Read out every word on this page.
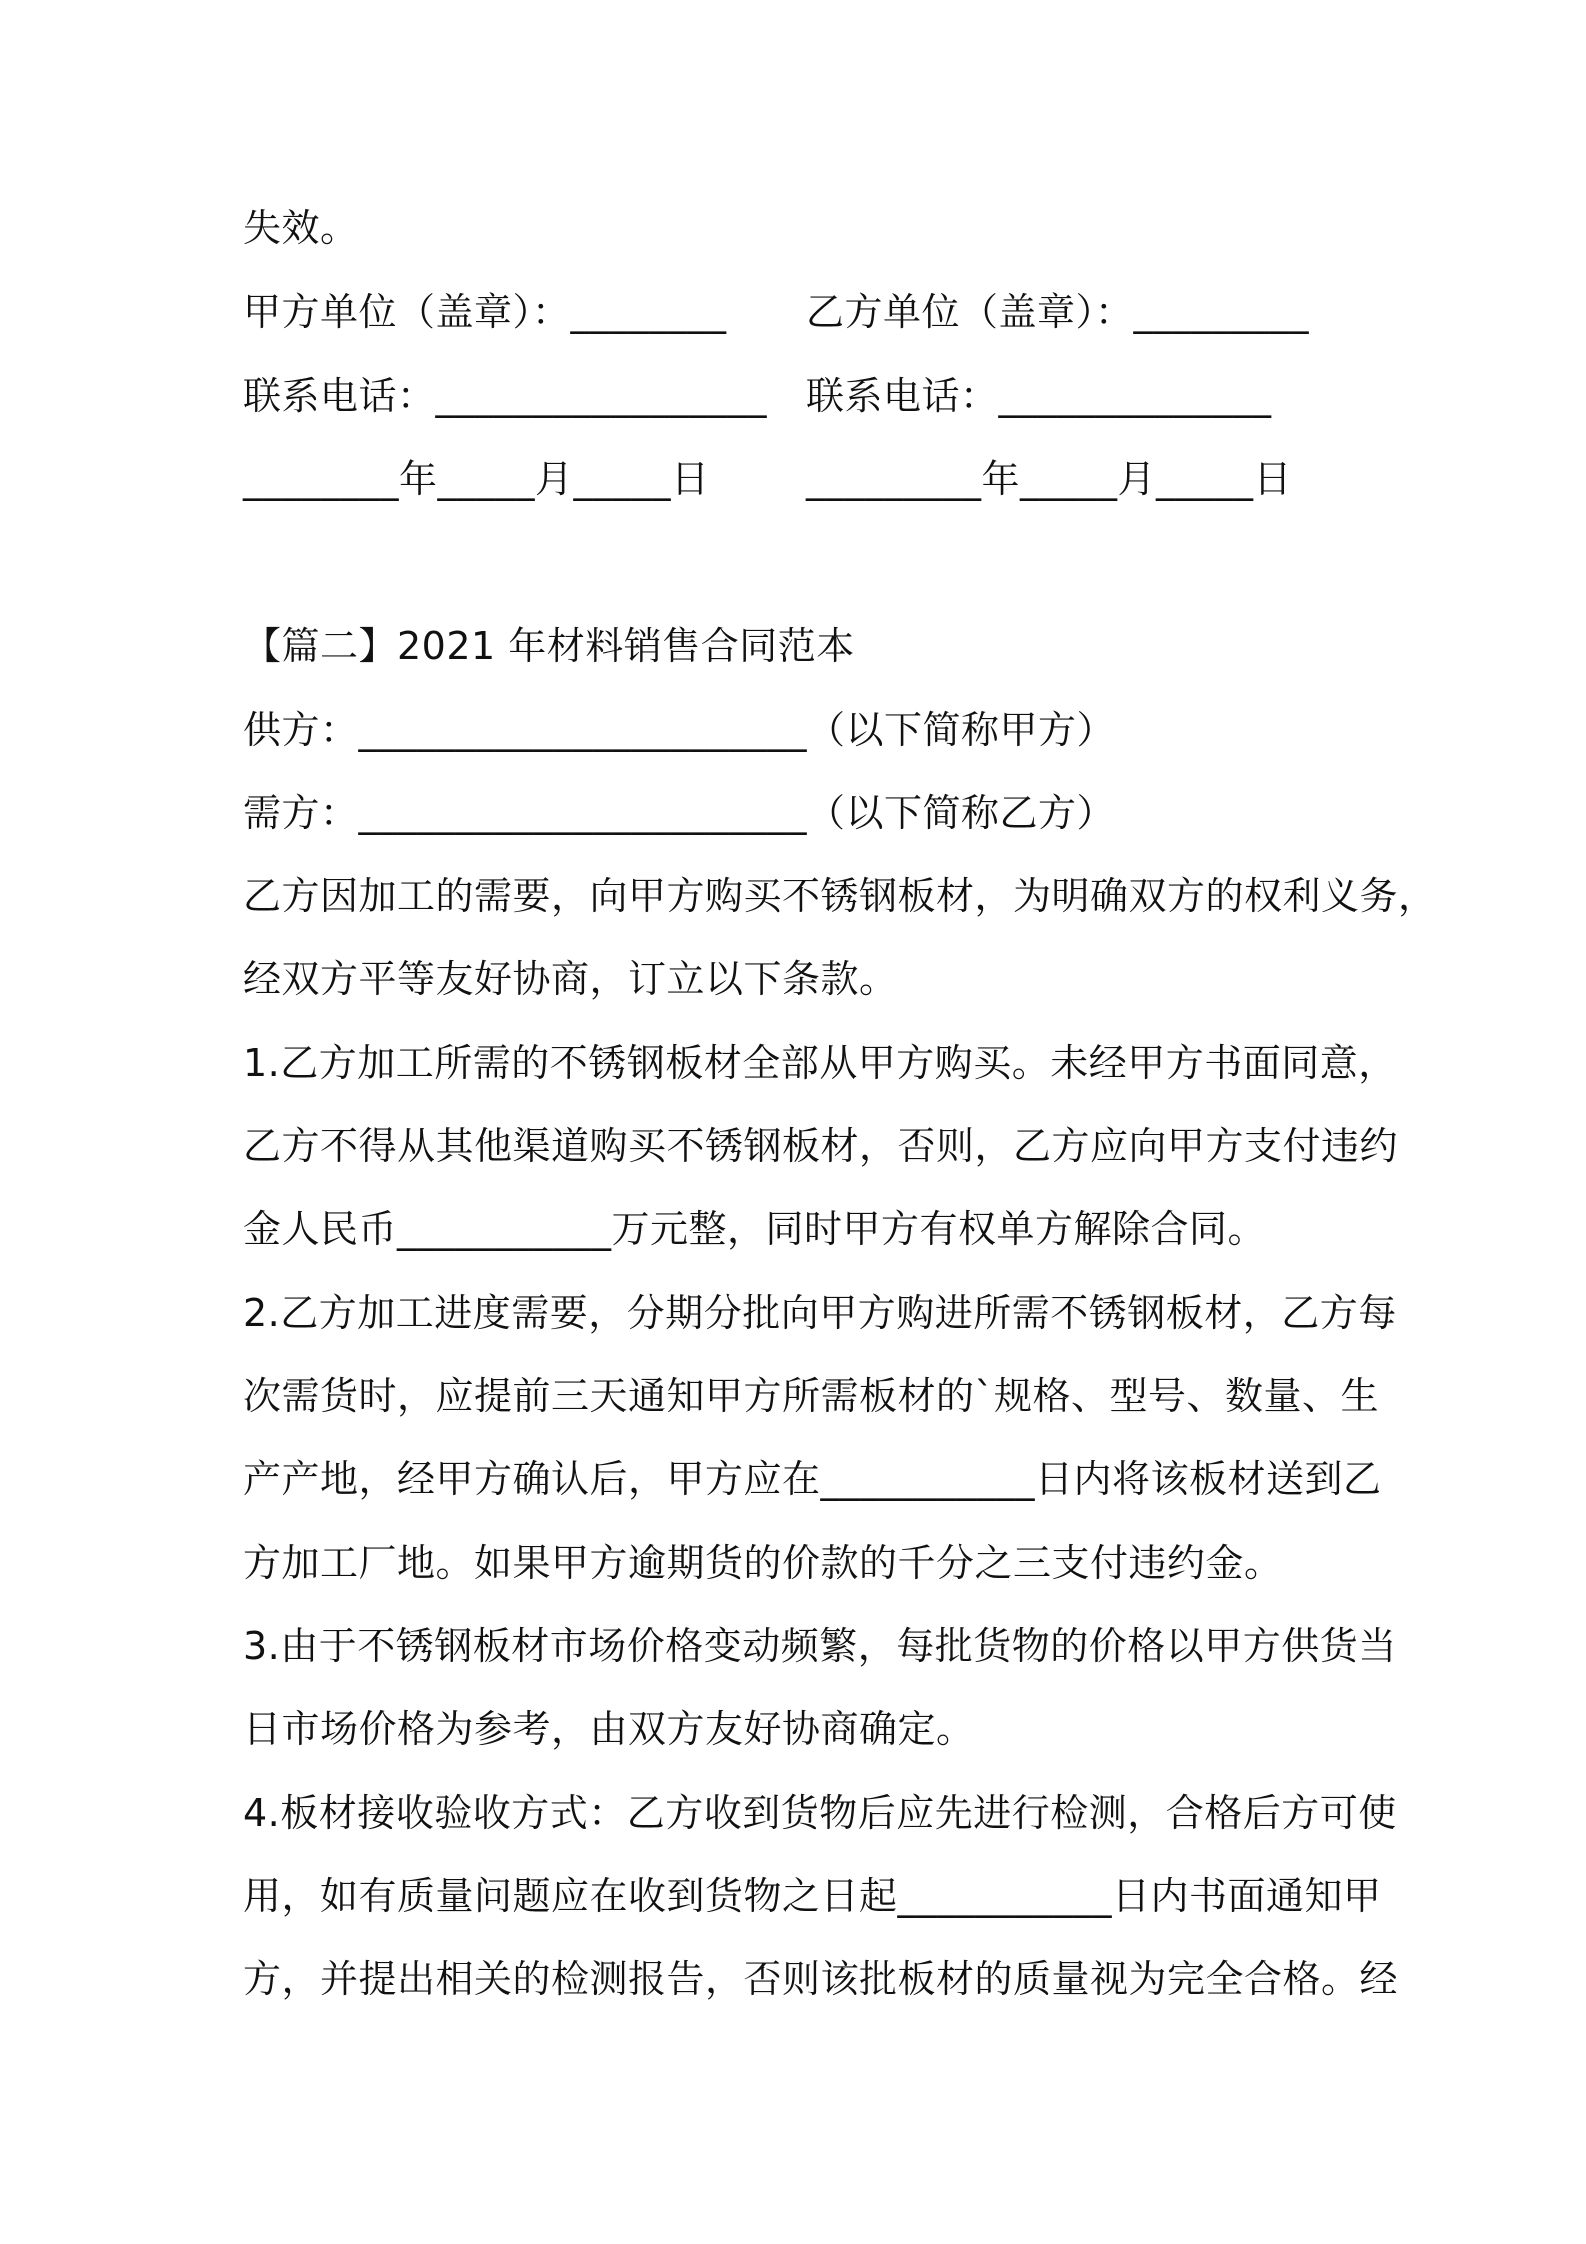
失效。
甲方单位（盖章）：________ 乙方单位（盖章）：_________
联系电话：_________________ 联系电话：______________
________年_____月_____日	_________年_____月_____日
【篇二】2021 年材料销售合同范本
供方：_______________________（以下简称甲方）
需方：_______________________（以下简称乙方）
乙方因加工的需要，向甲方购买不锈钢板材，为明确双方的权利义务，
经双方平等友好协商，订立以下条款。
1.乙方加工所需的不锈钢板材全部从甲方购买。未经甲方书面同意，
乙方不得从其他渠道购买不锈钢板材，否则，乙方应向甲方支付违约
金人民币___________万元整，同时甲方有权单方解除合同。
2.乙方加工进度需要，分期分批向甲方购进所需不锈钢板材，乙方每
次需货时，应提前三天通知甲方所需板材的`规格、型号、数量、生
产产地，经甲方确认后，甲方应在___________日内将该板材送到乙
方加工厂地。如果甲方逾期货的价款的千分之三支付违约金。
3.由于不锈钢板材市场价格变动频繁，每批货物的价格以甲方供货当
日市场价格为参考，由双方友好协商确定。
4.板材接收验收方式：乙方收到货物后应先进行检测，合格后方可使
用，如有质量问题应在收到货物之日起___________日内书面通知甲
方，并提出相关的检测报告，否则该批板材的质量视为完全合格。经
